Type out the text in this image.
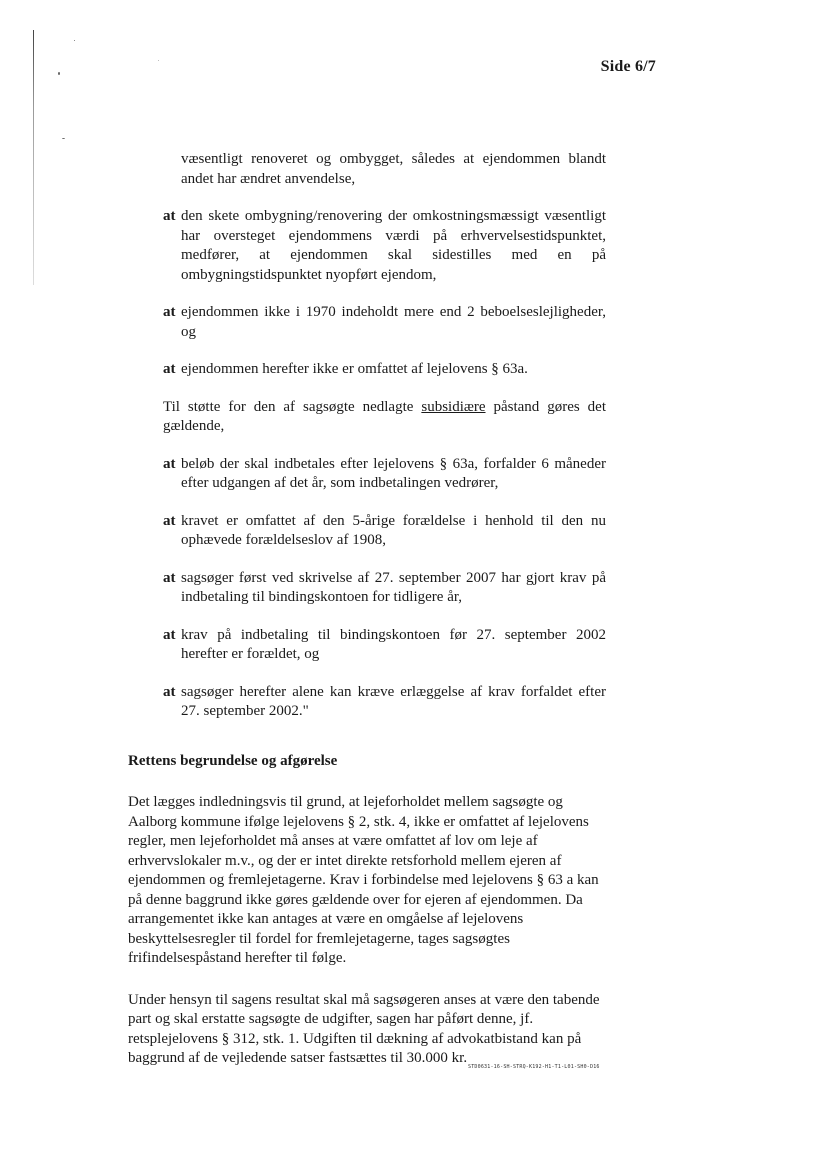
Side 6/7
væsentligt renoveret og ombygget, således at ejendommen blandt andet har ændret anvendelse,
at den skete ombygning/renovering der omkostningsmæssigt væsentligt har oversteget ejendommens værdi på erhvervelsestidspunktet, medfører, at ejendommen skal sidestilles med en på ombygningstidspunktet nyopført ejendom,
at ejendommen ikke i 1970 indeholdt mere end 2 beboelseslejligheder, og
at ejendommen herefter ikke er omfattet af lejelovens § 63a.
Til støtte for den af sagsøgte nedlagte subsidiære påstand gøres det gældende,
at beløb der skal indbetales efter lejelovens § 63a, forfalder 6 måneder efter udgangen af det år, som indbetalingen vedrører,
at kravet er omfattet af den 5-årige forældelse i henhold til den nu ophævede forældelseslov af 1908,
at sagsøger først ved skrivelse af 27. september 2007 har gjort krav på indbetaling til bindingskontoen for tidligere år,
at krav på indbetaling til bindingskontoen før 27. september 2002 herefter er forældet, og
at sagsøger herefter alene kan kræve erlæggelse af krav forfaldet efter 27. september 2002."
Rettens begrundelse og afgørelse
Det lægges indledningsvis til grund, at lejeforholdet mellem sagsøgte og Aalborg kommune ifølge lejelovens § 2, stk. 4, ikke er omfattet af lejelovens regler, men lejeforholdet må anses at være omfattet af lov om leje af erhvervslokaler m.v., og der er intet direkte retsforhold mellem ejeren af ejendommen og fremlejetagerne. Krav i forbindelse med lejelovens § 63 a kan på denne baggrund ikke gøres gældende over for ejeren af ejendommen. Da arrangementet ikke kan antages at være en omgåelse af lejelovens beskyttelsesregler til fordel for fremlejetagerne, tages sagsøgtes frifindelsespåstand herefter til følge.
Under hensyn til sagens resultat skal må sagsøgeren anses at være den tabende part og skal erstatte sagsøgte de udgifter, sagen har påført denne, jf. retsplejelovens § 312, stk. 1. Udgiften til dækning af advokatbistand kan på baggrund af de vejledende satser fastsættes til 30.000 kr.
STD0631-16-SH-STRQ-K192-H1-T1-L01-SH0-D16
